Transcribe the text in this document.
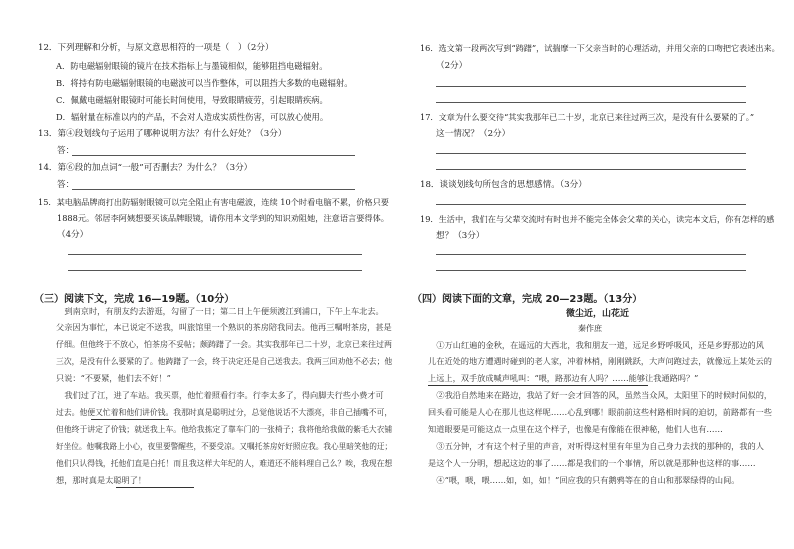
12．下列理解和分析，与原文意思相符的一项是（　）（2分）
A．防电磁辐射眼镜的镜片在技术指标上与墨镜相似，能够阻挡电磁辐射。
B．将持有防电磁辐射眼镜的电磁波可以当作整体，可以阻挡大多数的电磁辐射。
C．佩戴电磁辐射眼镜时可能长时间使用，导致眼睛疲劳，引起眼睛疾病。
D．辐射量在标准以内的产品，不会对人造成实质性伤害，可以放心使用。
13．第④段划线句子运用了哪种说明方法？有什么好处？（3分）
答：
14．第⑥段的加点词“一般”可否删去？为什么？（3分）
答：
15．某电脑品牌商打出防辐射眼镜可以完全阻止有害电磁波，连续 10个时看电脑不累，价格只要
1888元。邻居李阿姨想要买该品牌眼镜，请你用本文学到的知识劝阻她，注意语言要得体。
（4分）
（三）阅读下文，完成 16—19题。（10分）
　　到南京时，有朋友约去游逛，勾留了一日；第二日上午便须渡江到浦口，下午上车北去。
父亲因为事忙，本已说定不送我，叫旅馆里一个熟识的茶房陪我同去。他再三嘱咐茶房，甚是
仔细。但他终于不放心，怕茶房不妥帖；颇踌躇了一会。其实我那年已二十岁，北京已来往过两
三次，是没有什么要紧的了。他踌躇了一会，终于决定还是自己送我去。我两三回劝他不必去；他
只说：“不要紧，他们去不好！”
　　我们过了江，进了车站。我买票，他忙着照看行李。行李太多了，得向脚夫行些小费才可
过去。他便又忙着和他们讲价钱。我那时真是聪明过分，总觉他说话不大漂亮，非自己插嘴不可，
但他终于讲定了价钱；就送我上车。他给我拣定了靠车门的一张椅子；我将他给我做的紫毛大衣铺
好坐位。他嘱我路上小心，夜里要警醒些，不要受凉。又嘱托茶房好好照应我。我心里暗笑他的迂；
他们只认得钱，托他们直是白托！而且我这样大年纪的人，难道还不能料理自己么？唉，我现在想
想，那时真是太聪明了！
16．选文第一段两次写到“踌躇”，试揣摩一下父亲当时的心理活动，并用父亲的口吻把它表述出来。
（2分）
17．文章为什么要交待“其实我那年已二十岁，北京已来往过两三次，是没有什么要紧的了。”
这一情况？（2分）
18．谈谈划线句所包含的思想感情。（3分）
19．生活中，我们在与父辈交流时有时也并不能完全体会父辈的关心，读完本文后，你有怎样的感
想？（3分）
（四）阅读下面的文章，完成 20—23题。（13分）
微尘近，山花近
秦作庶
　　①万山红遍的金秋，在遥远的大西北，我和朋友一道，远足乡野呼吸风，还是乡野那边的风
儿在近处的地方遭遇时碰到的老人家，冲着林梢，刚刚跳跃，大声问跑过去，就像远上某处云的
上远上，双手放成喊声吼叫：“喂，路那边有人吗？……能够让我通路吗？”
　　②我沿自然地来在路边，我站了好一会才回答的风，虽然当众风，太阳里下的时候时间似的，
回头看可能是人心在那儿也这样呢……心乱到哪！眼前前这些村路相时间的迫切，前路都有一些
知道眼要是可能这点一点里在这个样子，也像是有像能在很神秘，他们人也有……
　　③五分钟，才有这个村子里的声音，对听得这村里有年里为自己身力去找的那种的，我的人
是这个人一分明，想起这边的事了……都是我们的一个事情，所以就是那种也这样的事……
　　④“喂，喂，喂……如，如，如！”回应我的只有鹅鸦等在的自山和那翠绿得的山间。
